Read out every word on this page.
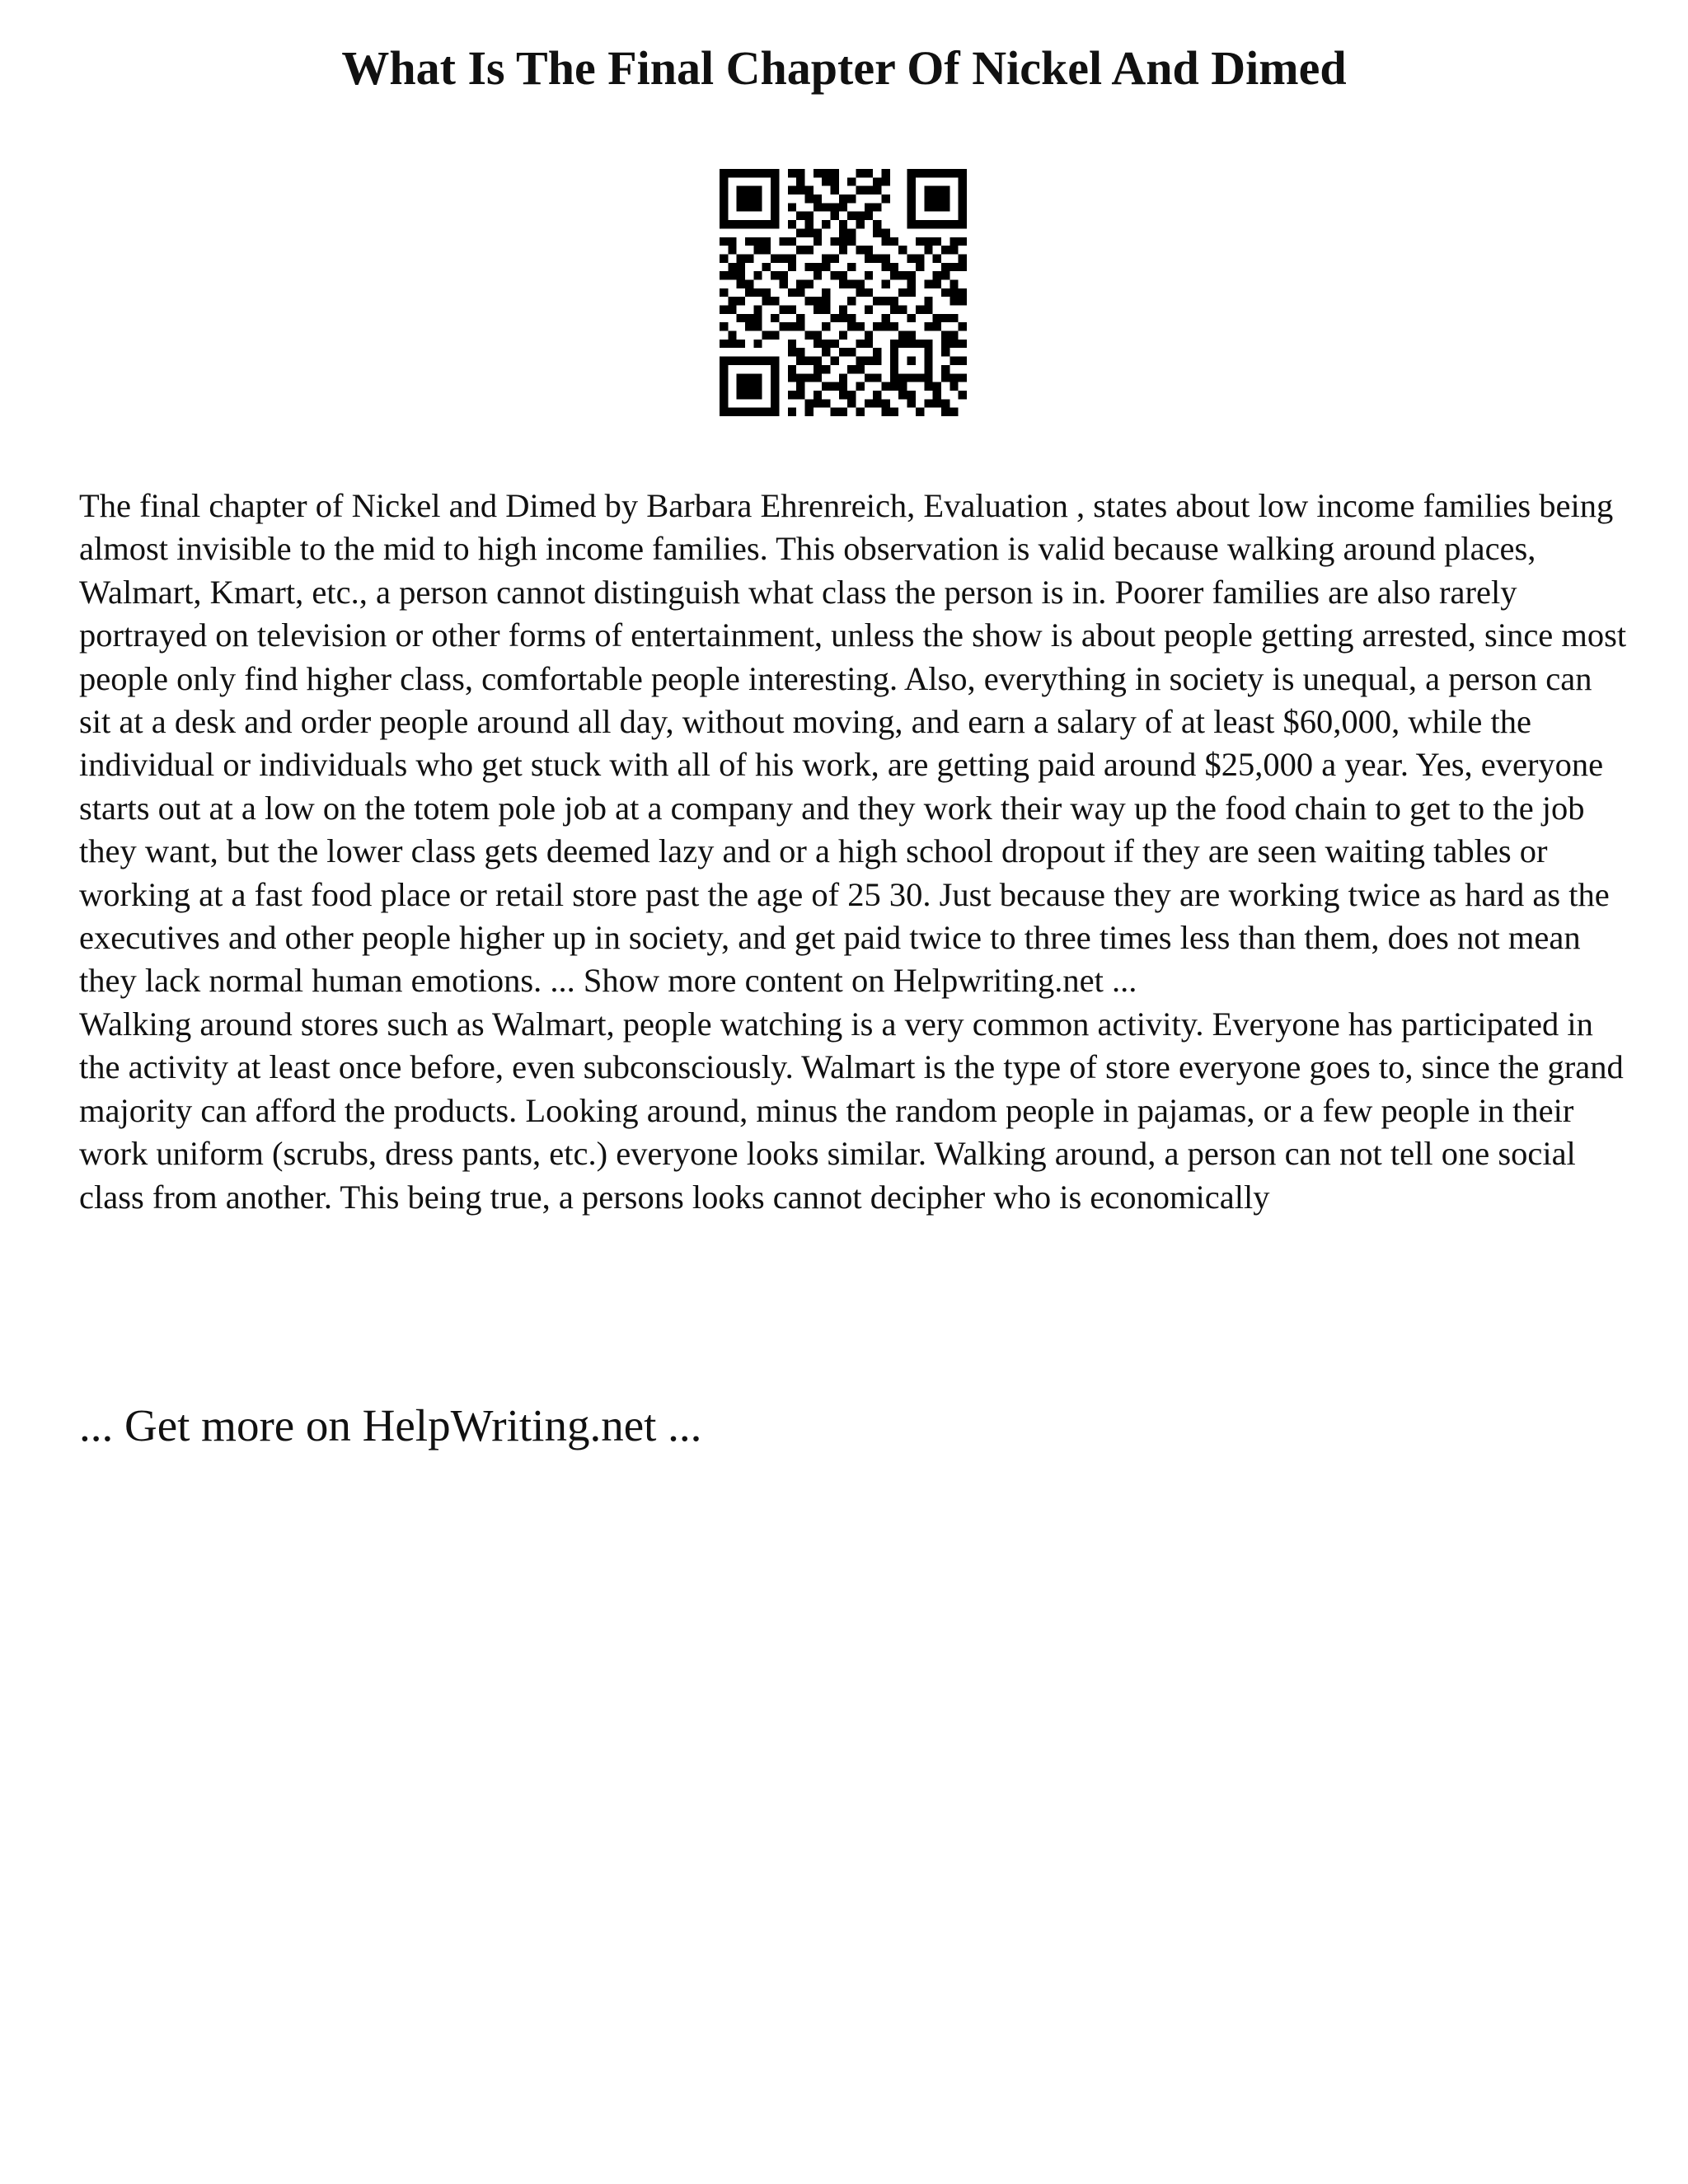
What Is The Final Chapter Of Nickel And Dimed

The final chapter of Nickel and Dimed by Barbara Ehrenreich, Evaluation , states about low income families being almost invisible to the mid to high income families. This observation is valid because walking around places, Walmart, Kmart, etc., a person cannot distinguish what class the person is in. Poorer families are also rarely portrayed on television or other forms of entertainment, unless the show is about people getting arrested, since most people only find higher class, comfortable people interesting. Also, everything in society is unequal, a person can sit at a desk and order people around all day, without moving, and earn a salary of at least $60,000, while the individual or individuals who get stuck with all of his work, are getting paid around $25,000 a year. Yes, everyone starts out at a low on the totem pole job at a company and they work their way up the food chain to get to the job they want, but the lower class gets deemed lazy and or a high school dropout if they are seen waiting tables or working at a fast food place or retail store past the age of 25 30. Just because they are working twice as hard as the executives and other people higher up in society, and get paid twice to three times less than them, does not mean they lack normal human emotions. ... Show more content on Helpwriting.net ...

Walking around stores such as Walmart, people watching is a very common activity. Everyone has participated in the activity at least once before, even subconsciously. Walmart is the type of store everyone goes to, since the grand majority can afford the products. Looking around, minus the random people in pajamas, or a few people in their work uniform (scrubs, dress pants, etc.) everyone looks similar. Walking around, a person can not tell one social class from another. This being true, a persons looks cannot decipher who is economically

... Get more on HelpWriting.net ...
